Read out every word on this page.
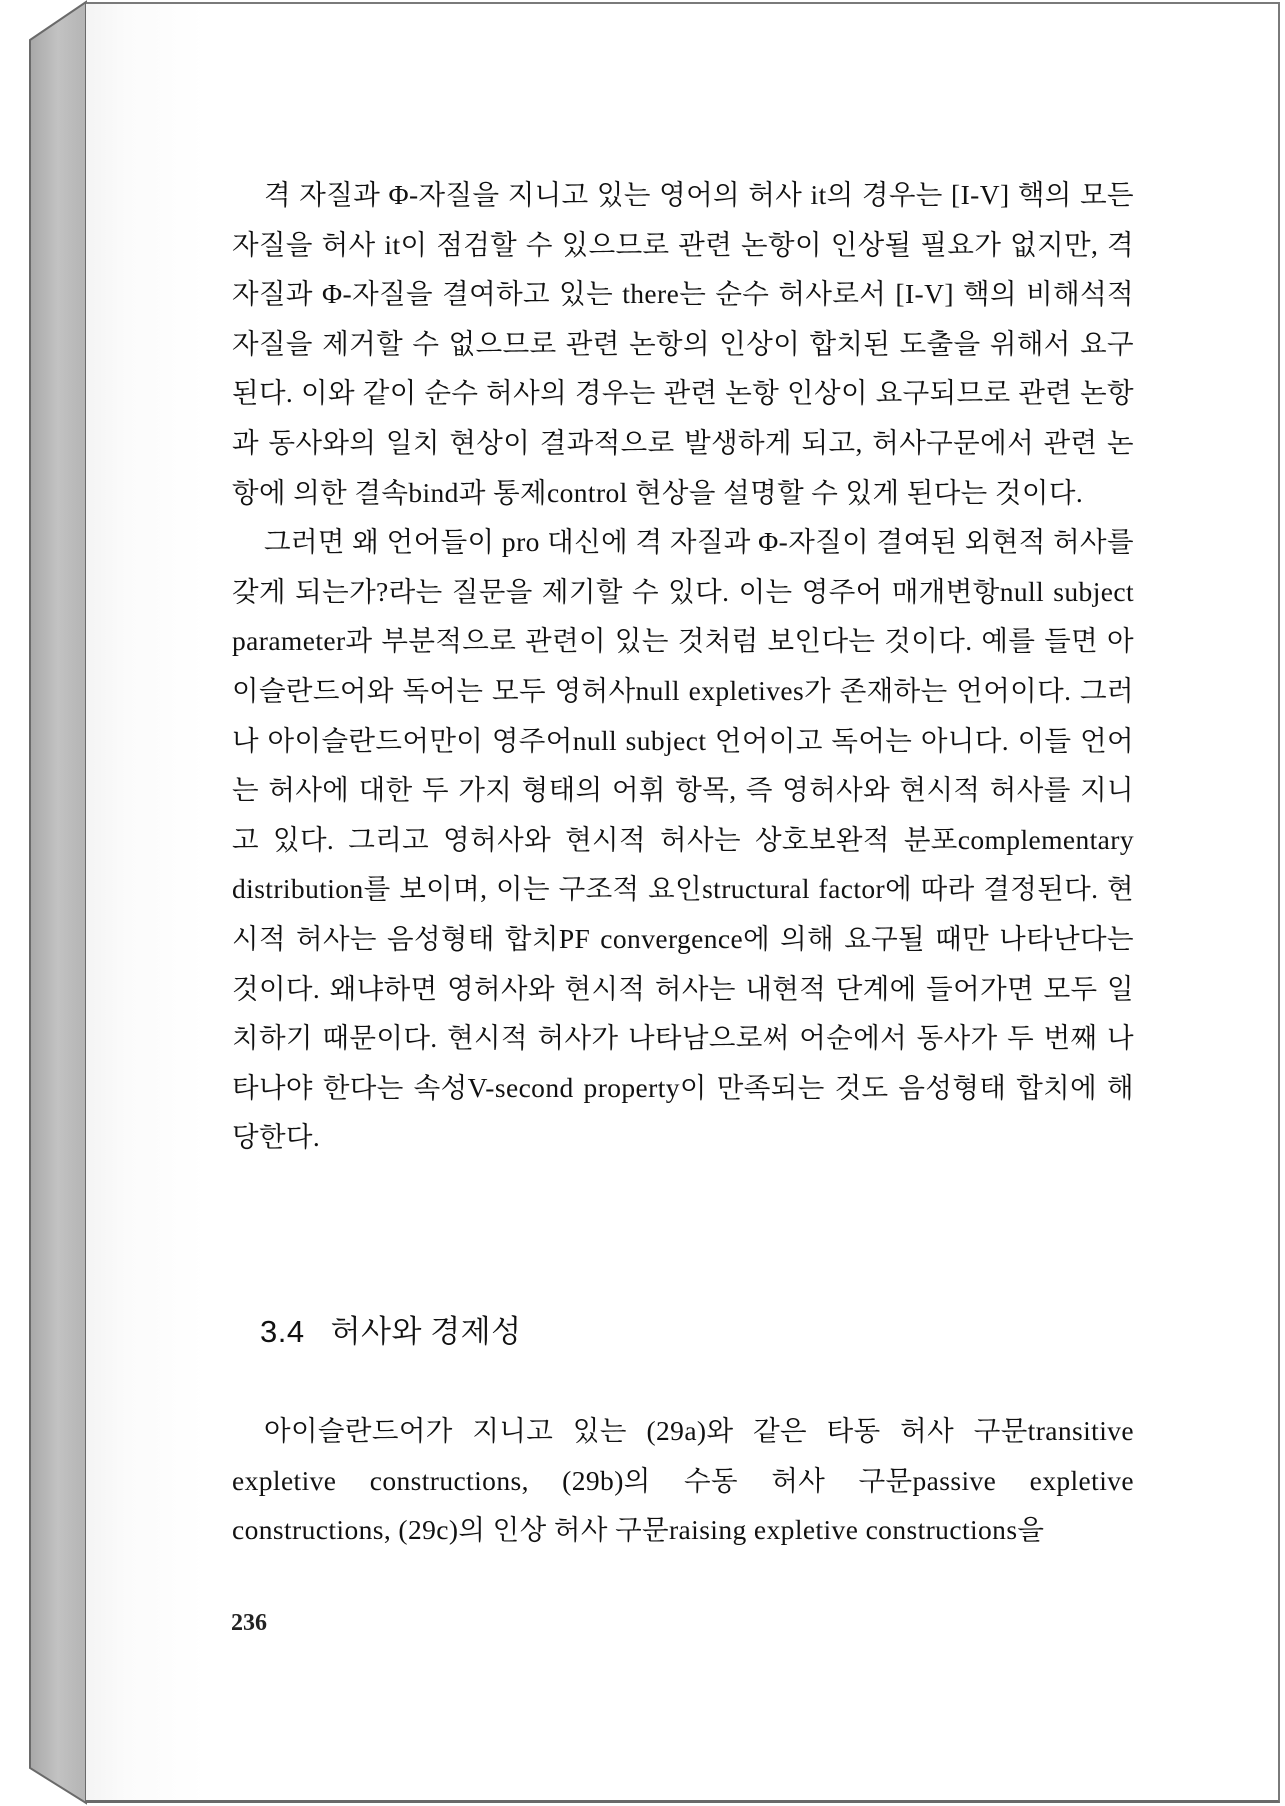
격 자질과 Φ-자질을 지니고 있는 영어의 허사 it의 경우는 [I-V] 핵의 모든 자질을 허사 it이 점검할 수 있으므로 관련 논항이 인상될 필요가 없지만, 격 자질과 Φ-자질을 결여하고 있는 there는 순수 허사로서 [I-V] 핵의 비해석적 자질을 제거할 수 없으므로 관련 논항의 인상이 합치된 도출을 위해서 요구된다. 이와 같이 순수 허사의 경우는 관련 논항 인상이 요구되므로 관련 논항과 동사와의 일치 현상이 결과적으로 발생하게 되고, 허사구문에서 관련 논항에 의한 결속bind과 통제control 현상을 설명할 수 있게 된다는 것이다.

그러면 왜 언어들이 pro 대신에 격 자질과 Φ-자질이 결여된 외현적 허사를 갖게 되는가?라는 질문을 제기할 수 있다. 이는 영주어 매개변항null subject parameter과 부분적으로 관련이 있는 것처럼 보인다는 것이다. 예를 들면 아이슬란드어와 독어는 모두 영허사null expletives가 존재하는 언어이다. 그러나 아이슬란드어만이 영주어null subject 언어이고 독어는 아니다. 이들 언어는 허사에 대한 두 가지 형태의 어휘 항목, 즉 영허사와 현시적 허사를 지니고 있다. 그리고 영허사와 현시적 허사는 상호보완적 분포complementary distribution를 보이며, 이는 구조적 요인structural factor에 따라 결정된다. 현시적 허사는 음성형태 합치PF convergence에 의해 요구될 때만 나타난다는 것이다. 왜냐하면 영허사와 현시적 허사는 내현적 단계에 들어가면 모두 일치하기 때문이다. 현시적 허사가 나타남으로써 어순에서 동사가 두 번째 나타나야 한다는 속성V-second property이 만족되는 것도 음성형태 합치에 해당한다.

3.4 허사와 경제성

아이슬란드어가 지니고 있는 (29a)와 같은 타동 허사 구문transitive expletive constructions, (29b)의 수동 허사 구문passive expletive constructions, (29c)의 인상 허사 구문raising expletive constructions을

236
